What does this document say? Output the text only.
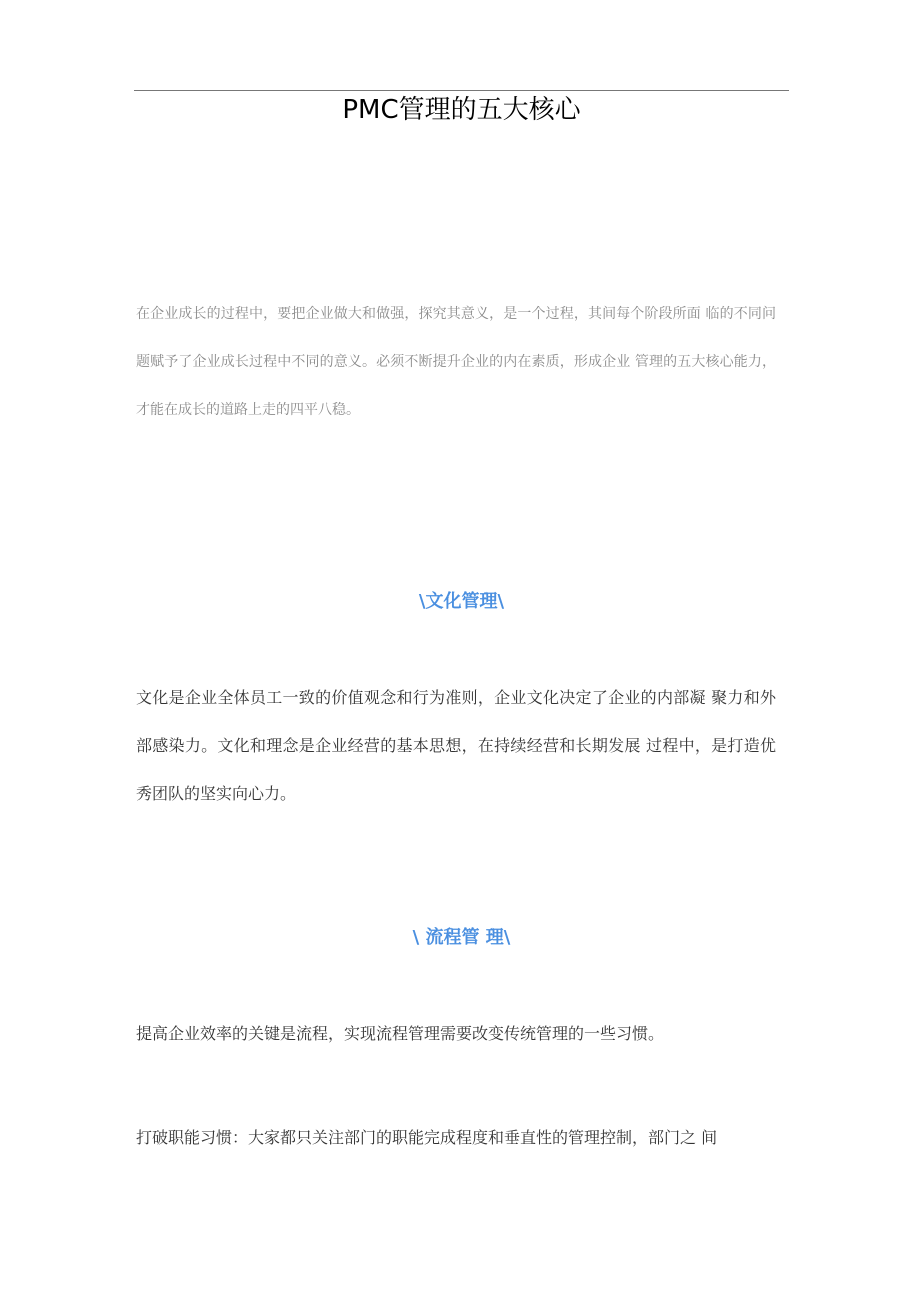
PMC管理的五大核心

在企业成长的过程中，要把企业做大和做强，探究其意义，是一个过程，其间每个阶段所面 临的不同问题赋予了企业成长过程中不同的意义。必须不断提升企业的内在素质，形成企业 管理的五大核心能力，才能在成长的道路上走的四平八稳。

\文化管理\

文化是企业全体员工一致的价值观念和行为准则，企业文化决定了企业的内部凝 聚力和外部感染力。文化和理念是企业经营的基本思想，在持续经营和长期发展 过程中，是打造优秀团队的坚实向心力。

\ 流程管 理\

提高企业效率的关键是流程，实现流程管理需要改变传统管理的一些习惯。

打破职能习惯：大家都只关注部门的职能完成程度和垂直性的管理控制，部门之 间
